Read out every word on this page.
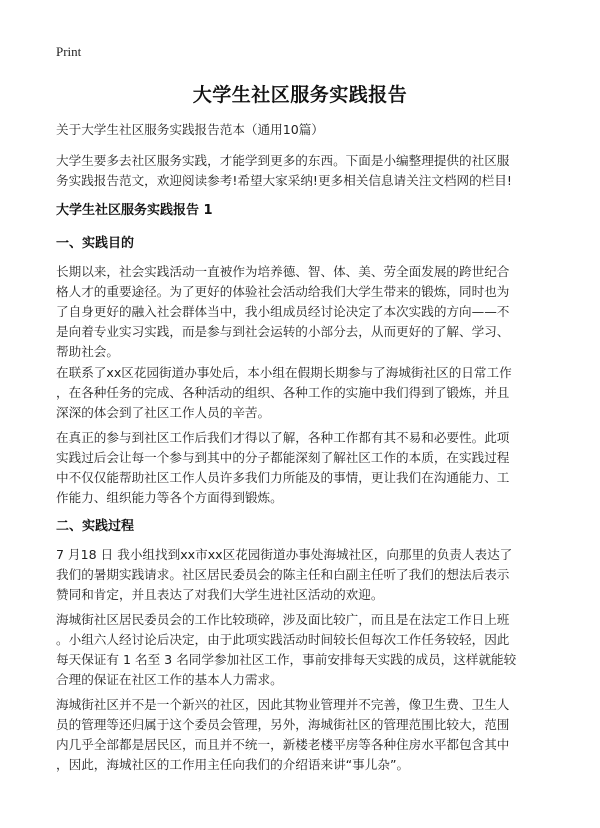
Print
大学生社区服务实践报告
关于大学生社区服务实践报告范本（通用10篇）
大学生要多去社区服务实践，才能学到更多的东西。下面是小编整理提供的社区服
务实践报告范文，欢迎阅读参考!希望大家采纳!更多相关信息请关注文档网的栏目!
大学生社区服务实践报告 1
一、实践目的
长期以来，社会实践活动一直被作为培养德、智、体、美、劳全面发展的跨世纪合
格人才的重要途径。为了更好的体验社会活动给我们大学生带来的锻炼，同时也为
了自身更好的融入社会群体当中，我小组成员经讨论决定了本次实践的方向——不
是向着专业实习实践，而是参与到社会运转的小部分去，从而更好的了解、学习、
帮助社会。
在联系了xx区花园街道办事处后，本小组在假期长期参与了海城街社区的日常工作
，在各种任务的完成、各种活动的组织、各种工作的实施中我们得到了锻炼，并且
深深的体会到了社区工作人员的辛苦。
在真正的参与到社区工作后我们才得以了解，各种工作都有其不易和必要性。此项
实践过后会让每一个参与到其中的分子都能深刻了解社区工作的本质，在实践过程
中不仅仅能帮助社区工作人员许多我们力所能及的事情，更让我们在沟通能力、工
作能力、组织能力等各个方面得到锻炼。
二、实践过程
7 月18 日 我小组找到xx市xx区花园街道办事处海城社区，向那里的负责人表达了
我们的暑期实践请求。社区居民委员会的陈主任和白副主任听了我们的想法后表示
赞同和肯定，并且表达了对我们大学生进社区活动的欢迎。
海城街社区居民委员会的工作比较琐碎，涉及面比较广，而且是在法定工作日上班
。小组六人经讨论后决定，由于此项实践活动时间较长但每次工作任务较轻，因此
每天保证有 1 名至 3 名同学参加社区工作，事前安排每天实践的成员，这样就能较
合理的保证在社区工作的基本人力需求。
海城街社区并不是一个新兴的社区，因此其物业管理并不完善，像卫生费、卫生人
员的管理等还归属于这个委员会管理，另外，海城街社区的管理范围比较大，范围
内几乎全部都是居民区，而且并不统一，新楼老楼平房等各种住房水平都包含其中
，因此，海城社区的工作用主任向我们的介绍语来讲“事儿杂”。
